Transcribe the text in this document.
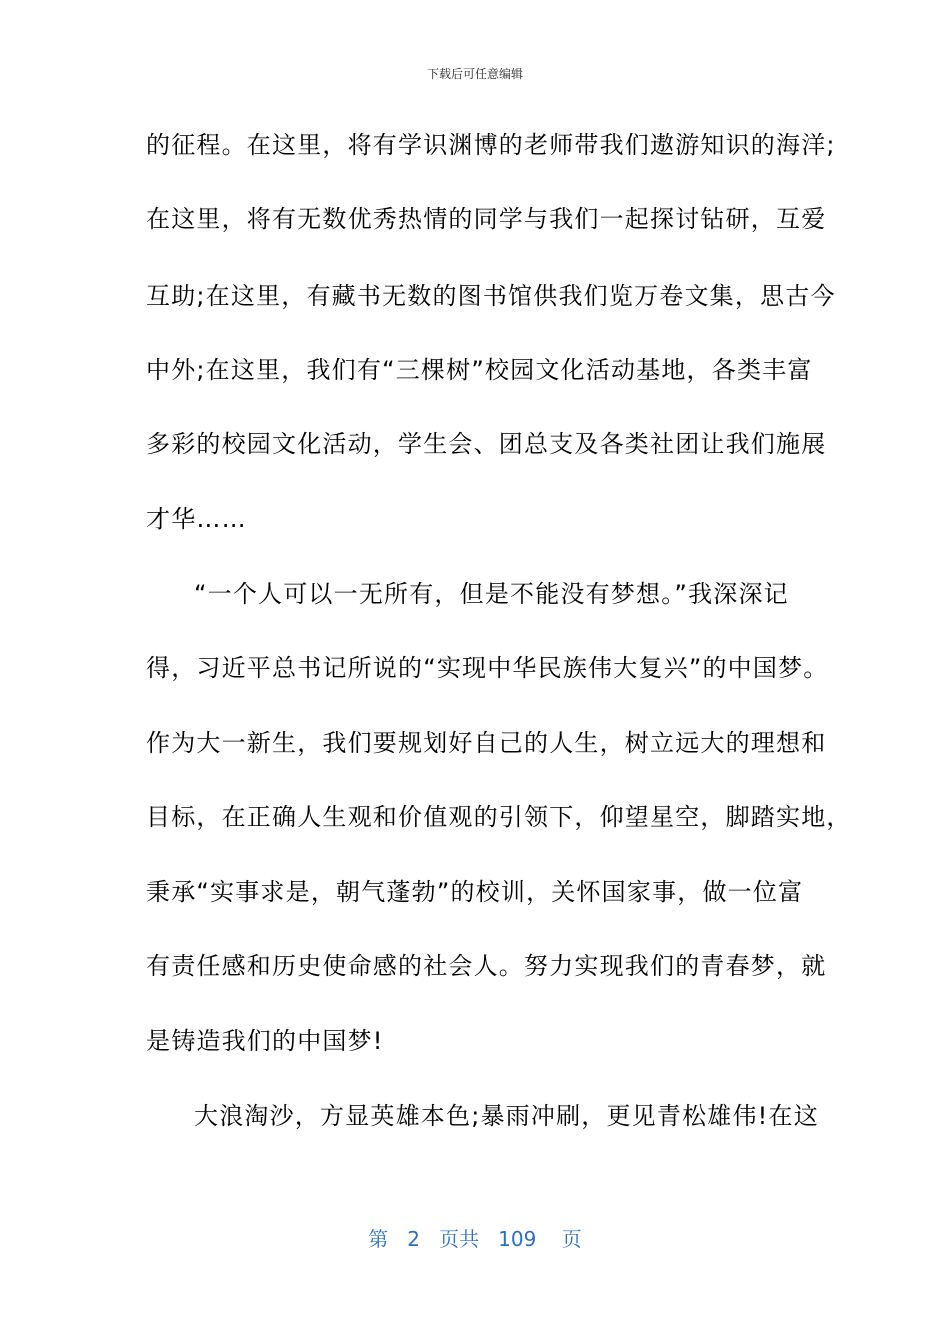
下载后可任意编辑
的征程。在这里，将有学识渊博的老师带我们遨游知识的海洋;
在这里，将有无数优秀热情的同学与我们一起探讨钻研，互爱
互助;在这里，有藏书无数的图书馆供我们览万卷文集，思古今
中外;在这里，我们有“三棵树”校园文化活动基地，各类丰富
多彩的校园文化活动，学生会、团总支及各类社团让我们施展
才华……
“一个人可以一无所有，但是不能没有梦想。”我深深记
得，习近平总书记所说的“实现中华民族伟大复兴”的中国梦。
作为大一新生，我们要规划好自己的人生，树立远大的理想和
目标，在正确人生观和价值观的引领下，仰望星空，脚踏实地，
秉承“实事求是，朝气蓬勃”的校训，关怀国家事，做一位富
有责任感和历史使命感的社会人。努力实现我们的青春梦，就
是铸造我们的中国梦!
大浪淘沙，方显英雄本色;暴雨冲刷，更见青松雄伟!在这
第 2 页共 109 页
